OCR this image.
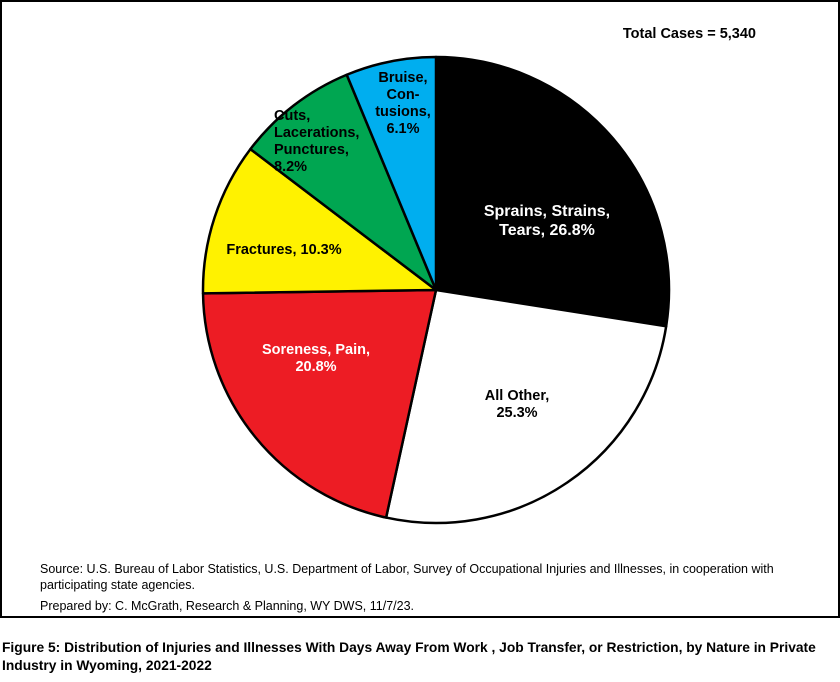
Total Cases = 5,340
Sprains, Strains,
Tears, 26.8%
All Other,
25.3%
Soreness, Pain,
20.8%
Fractures, 10.3%
Cuts,
Lacerations,
Punctures,
8.2%
Bruise,
Con-
tusions,
6.1%
Source: U.S. Bureau of Labor Statistics, U.S. Department of Labor, Survey of Occupational Injuries and Illnesses, in cooperation with participating state agencies.
Prepared by: C. McGrath, Research & Planning, WY DWS, 11/7/23.
Figure 5: Distribution of Injuries and Illnesses With Days Away From Work , Job Transfer, or Restriction, by Nature in Private Industry in Wyoming, 2021-2022
